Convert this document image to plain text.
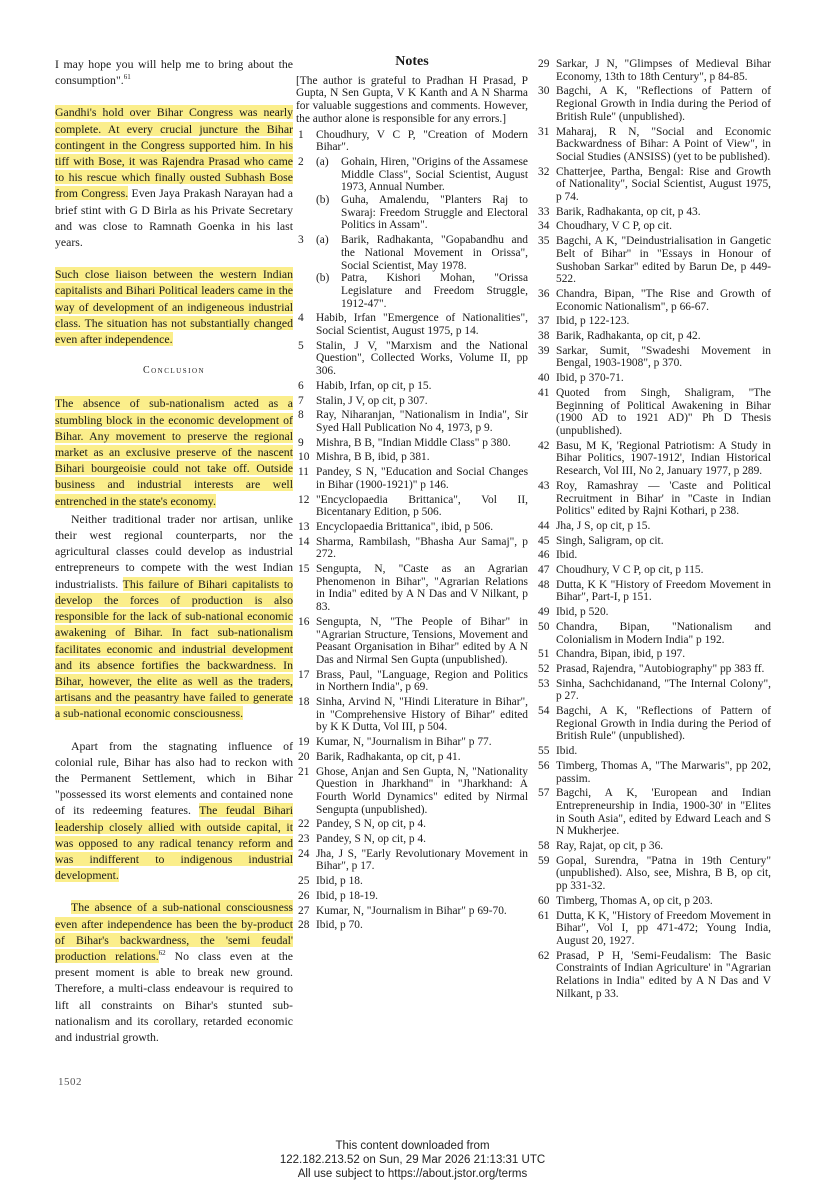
I may hope you will help me to bring about the consumption".$^{61}$

Gandhi's hold over Bihar Congress was nearly complete. At every crucial juncture the Bihar contingent in the Congress supported him. In his tiff with Bose, it was Rajendra Prasad who came to his rescue which finally ousted Subhash Bose from Congress. Even Jaya Prakash Narayan had a brief stint with G D Birla as his Private Secretary and was close to Ramnath Goenka in his last years.

Such close liaison between the western Indian capitalists and Bihari Political leaders came in the way of development of an indigeneous industrial class. The situation has not substantially changed even after independence.

Conclusion

The absence of sub-nationalism acted as a stumbling block in the economic development of Bihar. Any movement to preserve the regional market as an exclusive preserve of the nascent Bihari bourgeoisie could not take off. Outside business and industrial interests are well entrenched in the state's economy.

Neither traditional trader nor artisan, unlike their west regional counterparts, nor the agricultural classes could develop as industrial entrepreneurs to compete with the west Indian industrialists. This failure of Bihari capitalists to develop the forces of production is also responsible for the lack of sub-national economic awakening of Bihar. In fact sub-nationalism facilitates economic and industrial development and its absence fortifies the backwardness. In Bihar, however, the elite as well as the traders, artisans and the peasantry have failed to generate a sub-national economic consciousness.

Apart from the stagnating influence of colonial rule, Bihar has also had to reckon with the Permanent Settlement, which in Bihar "possessed its worst elements and contained none of its redeeming features. The feudal Bihari leadership closely allied with outside capital, it was opposed to any radical tenancy reform and was indifferent to indigenous industrial development.

The absence of a sub-national consciousness even after independence has been the by-product of Bihar's backwardness, the 'semi feudal' production relations.$^{62}$ No class even at the present moment is able to break new ground. Therefore, a multi-class endeavour is required to lift all constraints on Bihar's stunted sub-nationalism and its corollary, retarded economic and industrial growth.

1502
Notes
[The author is grateful to Pradhan H Prasad, P Gupta, N Sen Gupta, V K Kanth and A N Sharma for valuable suggestions and comments. However, the author alone is responsible for any errors.]
1	Choudhury, V C P, "Creation of Modern Bihar".
2	(a)	Gohain, Hiren, "Origins of the Assamese Middle Class", Social Scientist, August 1973, Annual Number.
(b)	Guha, Amalendu, "Planters Raj to Swaraj: Freedom Struggle and Electoral Politics in Assam".
3	(a)	Barik, Radhakanta, "Gopabandhu and the National Movement in Orissa", Social Scientist, May 1978.
(b)	Patra, Kishori Mohan, "Orissa Legislature and Freedom Struggle, 1912-47".
4	Habib, Irfan "Emergence of Nationalities", Social Scientist, August 1975, p 14.
5	Stalin, J V, "Marxism and the National Question", Collected Works, Volume II, pp 306.
6	Habib, Irfan, op cit, p 15.
7	Stalin, J V, op cit, p 307.
8	Ray, Niharanjan, "Nationalism in India", Sir Syed Hall Publication No 4, 1973, p 9.
9	Mishra, B B, "Indian Middle Class" p 380.
10 Mishra, B B, ibid, p 381.
11 Pandey, S N, "Education and Social Changes in Bihar (1900-1921)" p 146.
12 "Encyclopaedia Brittanica", Vol II, Bicentanary Edition, p 506.
13 Encyclopaedia Brittanica", ibid, p 506.
14 Sharma, Rambilash, "Bhasha Aur Samaj", p 272.
15 Sengupta, N, "Caste as an Agrarian Phenomenon in Bihar", "Agrarian Relations in India" edited by A N Das and V Nilkant, p 83.
16 Sengupta, N, "The People of Bihar" in "Agrarian Structure, Tensions, Movement and Peasant Organisation in Bihar" edited by A N Das and Nirmal Sen Gupta (unpublished).
17 Brass, Paul, "Language, Region and Politics in Northern India", p 69.
18 Sinha, Arvind N, "Hindi Literature in Bihar", in "Comprehensive History of Bihar" edited by K K Dutta, Vol III, p 504.
19 Kumar, N, "Journalism in Bihar" p 77.
20 Barik, Radhakanta, op cit, p 41.
21 Ghose, Anjan and Sen Gupta, N, "Nationality Question in Jharkhand" in "Jharkhand: A Fourth World Dynamics" edited by Nirmal Sengupta (unpublished).
22 Pandey, S N, op cit, p 4.
23 Pandey, S N, op cit, p 4.
24 Jha, J S, "Early Revolutionary Movement in Bihar", p 17.
25 Ibid, p 18.
26 Ibid, p 18-19.
27 Kumar, N, "Journalism in Bihar" p 69-70.
28 Ibid, p 70.
29 Sarkar, J N, "Glimpses of Medieval Bihar Economy, 13th to 18th Century", p 84-85.
30 Bagchi, A K, "Reflections of Pattern of Regional Growth in India during the Period of British Rule" (unpublished).
31 Maharaj, R N, "Social and Economic Backwardness of Bihar: A Point of View", in Social Studies (ANSISS) (yet to be published).
32 Chatterjee, Partha, Bengal: Rise and Growth of Nationality", Social Scientist, August 1975, p 74.
33 Barik, Radhakanta, op cit, p 43.
34 Choudhary, V C P, op cit.
35 Bagchi, A K, "Deindustrialisation in Gangetic Belt of Bihar" in "Essays in Honour of Sushoban Sarkar" edited by Barun De, p 449-522.
36 Chandra, Bipan, "The Rise and Growth of Economic Nationalism", p 66-67.
37 Ibid, p 122-123.
38 Barik, Radhakanta, op cit, p 42.
39 Sarkar, Sumit, "Swadeshi Movement in Bengal, 1903-1908", p 370.
40 Ibid, p 370-71.
41 Quoted from Singh, Shaligram, "The Beginning of Political Awakening in Bihar (1900 AD to 1921 AD)" Ph D Thesis (unpublished).
42 Basu, M K, 'Regional Patriotism: A Study in Bihar Politics, 1907-1912', Indian Historical Research, Vol III, No 2, January 1977, p 289.
43 Roy, Ramashray — 'Caste and Political Recruitment in Bihar' in "Caste in Indian Politics" edited by Rajni Kothari, p 238.
44 Jha, J S, op cit, p 15.
45 Singh, Saligram, op cit.
46 Ibid.
47 Choudhury, V C P, op cit, p 115.
48 Dutta, K K "History of Freedom Movement in Bihar", Part-I, p 151.
49 Ibid, p 520.
50 Chandra, Bipan, "Nationalism and Colonialism in Modern India" p 192.
51 Chandra, Bipan, ibid, p 197.
52 Prasad, Rajendra, "Autobiography" pp 383 ff.
53 Sinha, Sachchidanand, "The Internal Colony", p 27.
54 Bagchi, A K, "Reflections of Pattern of Regional Growth in India during the Period of British Rule" (unpublished).
55 Ibid.
56 Timberg, Thomas A, "The Marwaris", pp 202, passim.
57 Bagchi, A K, 'European and Indian Entrepreneurship in India, 1900-30' in "Elites in South Asia", edited by Edward Leach and S N Mukherjee.
58 Ray, Rajat, op cit, p 36.
59 Gopal, Surendra, "Patna in 19th Century" (unpublished). Also, see, Mishra, B B, op cit, pp 331-32.
60 Timberg, Thomas A, op cit, p 203.
61 Dutta, K K, "History of Freedom Movement in Bihar", Vol I, pp 471-472; Young India, August 20, 1927.
62 Prasad, P H, 'Semi-Feudalism: The Basic Constraints of Indian Agriculture' in "Agrarian Relations in India" edited by A N Das and V Nilkant, p 33.
This content downloaded from
122.182.213.52 on Sun, 29 Mar 2026 21:13:31 UTC
All use subject to https://about.jstor.org/terms
